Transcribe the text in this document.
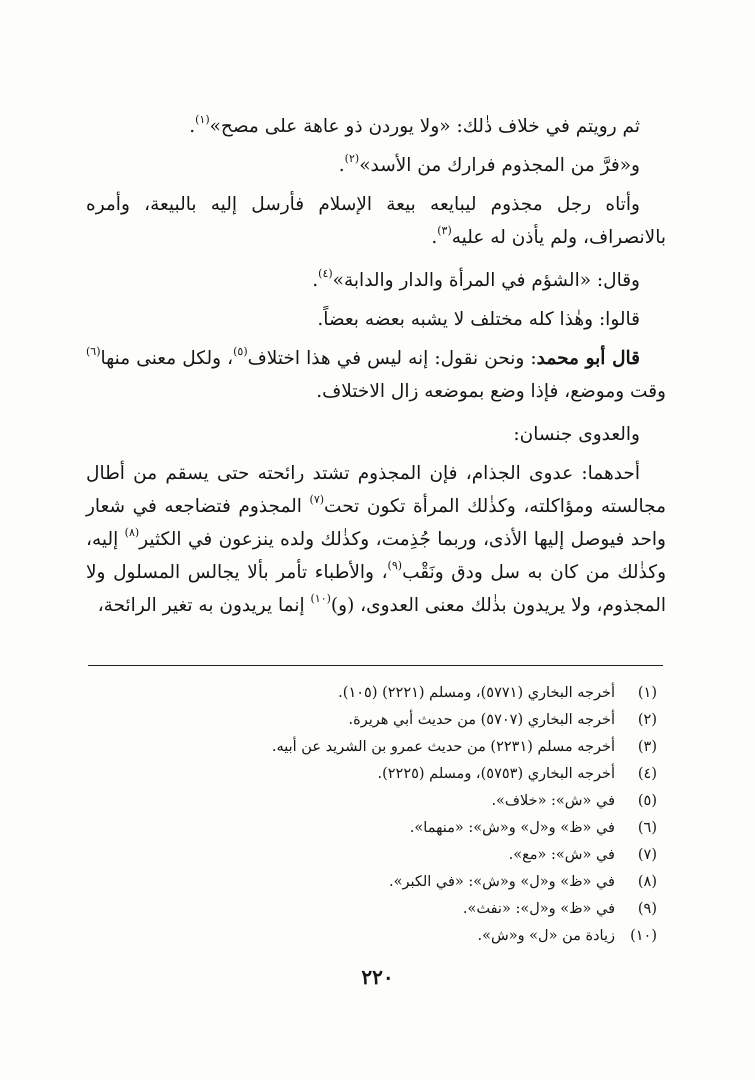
ثم رويتم في خلاف ذٰلك: «ولا يوردن ذو عاهة على مصح»$^{(١)}$.

و«فرَّ من المجذوم فرارك من الأسد»$^{(٢)}$.

وأتاه رجل مجذوم ليبايعه بيعة الإسلام فأرسل إليه بالبيعة، وأمره بالانصراف، ولم يأذن له عليه$^{(٣)}$.

وقال: «الشؤم في المرأة والدار والدابة»$^{(٤)}$.

قالوا: وهٰذا كله مختلف لا يشبه بعضه بعضاً.

قال أبو محمد: ونحن نقول: إنه ليس في هذا اختلاف$^{(٥)}$، ولكل معنى منها$^{(٦)}$ وقت وموضع، فإذا وضع بموضعه زال الاختلاف.

والعدوى جنسان:

أحدهما: عدوى الجذام، فإن المجذوم تشتد رائحته حتى يسقم من أطال مجالسته ومؤاكلته، وكذٰلك المرأة تكون تحت$^{(٧)}$ المجذوم فتضاجعه في شعار واحد فيوصل إليها الأذى، وربما جُذِمت، وكذٰلك ولده ينزعون في الكثير$^{(٨)}$ إليه، وكذٰلك من كان به سل ودق ونَقْب$^{(٩)}$، والأطباء تأمر بألا يجالس المسلول ولا المجذوم، ولا يريدون بذٰلك معنى العدوى، (و)$^{(١٠)}$ إنما يريدون به تغير الرائحة،

(١)
أخرجه البخاري (٥٧٧١)، ومسلم (٢٢٢١) (١٠٥).
(٢)
أخرجه البخاري (٥٧٠٧) من حديث أبي هريرة.
(٣)
أخرجه مسلم (٢٢٣١) من حديث عمرو بن الشريد عن أبيه.
(٤)
أخرجه البخاري (٥٧٥٣)، ومسلم (٢٢٢٥).
(٥)
في «ش»: «خلاف».
(٦)
في «ظ» و«ل» و«ش»: «منهما».
(٧)
في «ش»: «مع».
(٨)
في «ظ» و«ل» و«ش»: «في الكبر».
(٩)
في «ظ» و«ل»: «نفث».
(١٠)
زيادة من «ل» و«ش».
٢٢٠
